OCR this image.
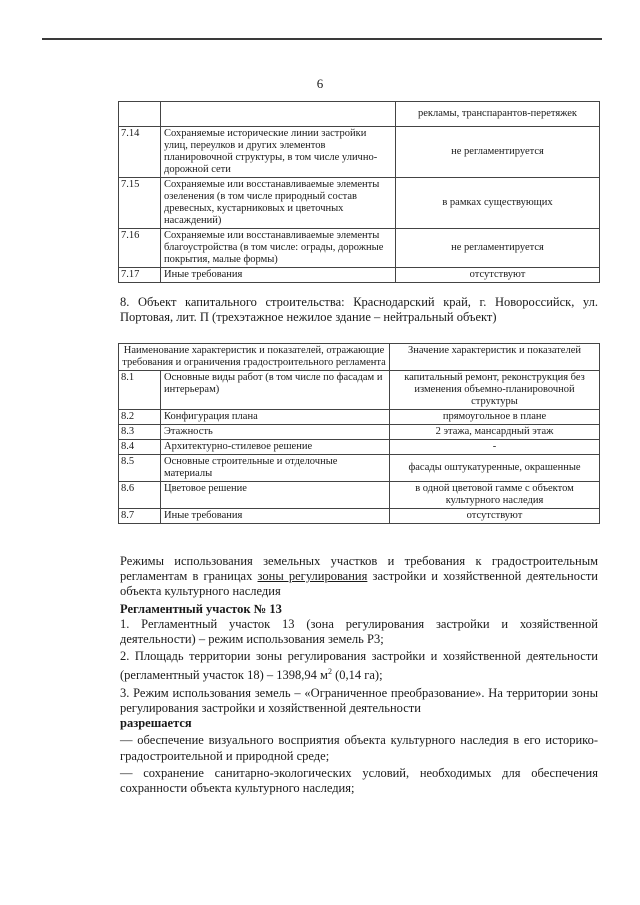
6
		рекламы, транспарантов-перетяжек
7.14	Сохраняемые исторические линии застройки улиц, переулков и других элементов планировочной структуры, в том числе улично-дорожной сети	не регламентируется
7.15	Сохраняемые или восстанавливаемые элементы озеленения (в том числе природный состав древесных, кустарниковых и цветочных насаждений)	в рамках существующих
7.16	Сохраняемые или восстанавливаемые элементы благоустройства (в том числе: ограды, дорожные покрытия, малые формы)	не регламентируется
7.17	Иные требования	отсутствуют
8. Объект капитального строительства: Краснодарский край, г. Новороссийск, ул. Портовая, лит. П (трехэтажное нежилое здание – нейтральный объект)
Наименование характеристик и показателей, отражающие требования и ограничения градостроительного регламента		Значение характеристик и показателей
8.1	Основные виды работ (в том числе по фасадам и интерьерам)	капитальный ремонт, реконструкция без изменения объемно-планировочной структуры
8.2	Конфигурация плана	прямоугольное в плане
8.3	Этажность	2 этажа, мансардный этаж
8.4	Архитектурно-стилевое решение	-
8.5	Основные строительные и отделочные материалы	фасады оштукатуренные, окрашенные
8.6	Цветовое решение	в одной цветовой гамме с объектом культурного наследия
8.7	Иные требования	отсутствуют

Режимы использования земельных участков и требования к градостроительным регламентам в границах зоны регулирования застройки и хозяйственной деятельности объекта культурного наследия

Регламентный участок № 13

1. Регламентный участок 13 (зона регулирования застройки и хозяйственной деятельности) – режим использования земель Р3;

2. Площадь территории зоны регулирования застройки и хозяйственной деятельности (регламентный участок 18) – 1398,94 $м^2$ (0,14 га);

3. Режим использования земель – «Ограниченное преобразование». На территории зоны регулирования застройки и хозяйственной деятельности

разрешается

— обеспечение визуального восприятия объекта культурного наследия в его историко-градостроительной и природной среде;

— сохранение санитарно-экологических условий, необходимых для обеспечения сохранности объекта культурного наследия;
